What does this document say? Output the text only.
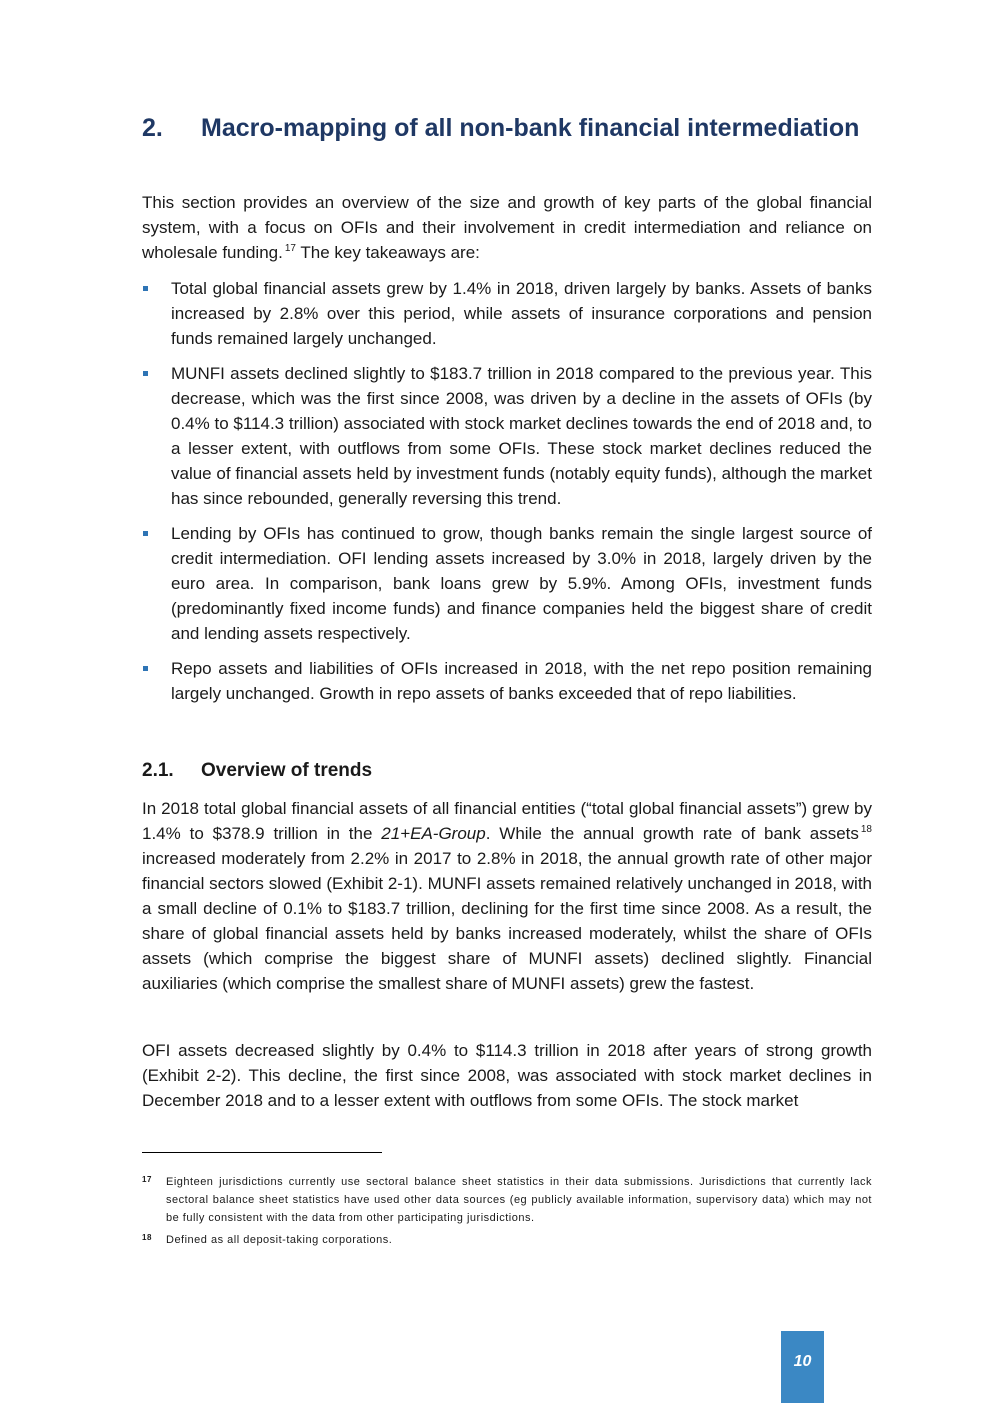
2. Macro-mapping of all non-bank financial intermediation

This section provides an overview of the size and growth of key parts of the global financial system, with a focus on OFIs and their involvement in credit intermediation and reliance on wholesale funding. $^{17}$ The key takeaways are:

Total global financial assets grew by 1.4% in 2018, driven largely by banks. Assets of banks increased by 2.8% over this period, while assets of insurance corporations and pension funds remained largely unchanged.

MUNFI assets declined slightly to $183.7 trillion in 2018 compared to the previous year. This decrease, which was the first since 2008, was driven by a decline in the assets of OFIs (by 0.4% to $114.3 trillion) associated with stock market declines towards the end of 2018 and, to a lesser extent, with outflows from some OFIs. These stock market declines reduced the value of financial assets held by investment funds (notably equity funds), although the market has since rebounded, generally reversing this trend.

Lending by OFIs has continued to grow, though banks remain the single largest source of credit intermediation. OFI lending assets increased by 3.0% in 2018, largely driven by the euro area. In comparison, bank loans grew by 5.9%. Among OFIs, investment funds (predominantly fixed income funds) and finance companies held the biggest share of credit and lending assets respectively.

Repo assets and liabilities of OFIs increased in 2018, with the net repo position remaining largely unchanged. Growth in repo assets of banks exceeded that of repo liabilities.

2.1. Overview of trends

In 2018 total global financial assets of all financial entities (“total global financial assets”) grew by 1.4% to $378.9 trillion in the 21+EA-Group. While the annual growth rate of bank assets $^{18}$ increased moderately from 2.2% in 2017 to 2.8% in 2018, the annual growth rate of other major financial sectors slowed (Exhibit 2-1). MUNFI assets remained relatively unchanged in 2018, with a small decline of 0.1% to $183.7 trillion, declining for the first time since 2008. As a result, the share of global financial assets held by banks increased moderately, whilst the share of OFIs assets (which comprise the biggest share of MUNFI assets) declined slightly. Financial auxiliaries (which comprise the smallest share of MUNFI assets) grew the fastest.

OFI assets decreased slightly by 0.4% to $114.3 trillion in 2018 after years of strong growth (Exhibit 2-2). This decline, the first since 2008, was associated with stock market declines in December 2018 and to a lesser extent with outflows from some OFIs. The stock market

17 Eighteen jurisdictions currently use sectoral balance sheet statistics in their data submissions. Jurisdictions that currently lack sectoral balance sheet statistics have used other data sources (eg publicly available information, supervisory data) which may not be fully consistent with the data from other participating jurisdictions.
18 Defined as all deposit-taking corporations.
10
